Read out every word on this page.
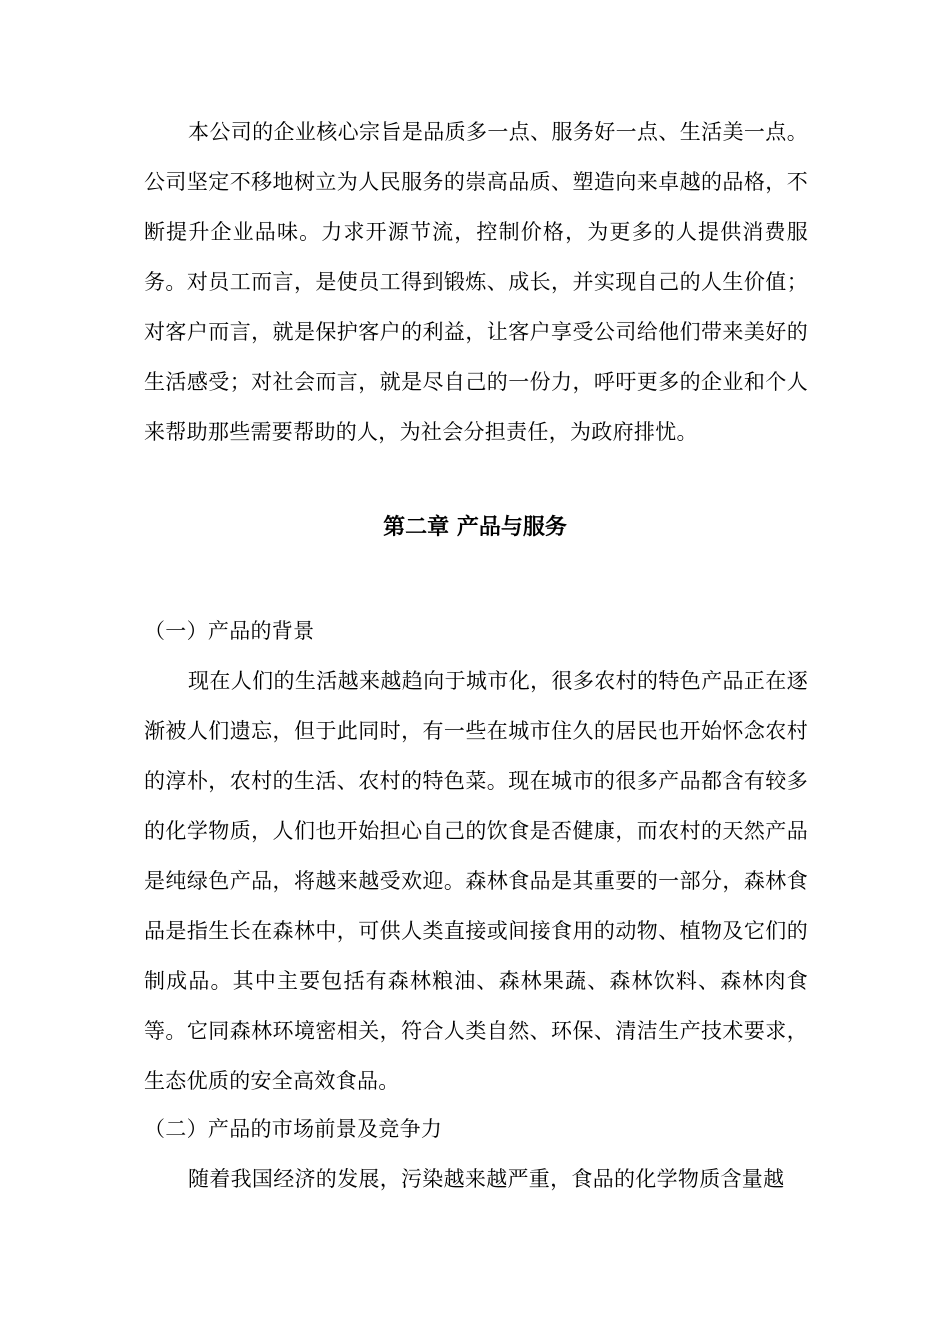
本公司的企业核心宗旨是品质多一点、服务好一点、生活美一点。公司坚定不移地树立为人民服务的崇高品质、塑造向来卓越的品格，不断提升企业品味。力求开源节流，控制价格，为更多的人提供消费服务。对员工而言，是使员工得到锻炼、成长，并实现自己的人生价值；对客户而言，就是保护客户的利益，让客户享受公司给他们带来美好的生活感受；对社会而言，就是尽自己的一份力，呼吁更多的企业和个人来帮助那些需要帮助的人，为社会分担责任，为政府排忧。

第二章 产品与服务

（一）产品的背景

现在人们的生活越来越趋向于城市化，很多农村的特色产品正在逐渐被人们遗忘，但于此同时，有一些在城市住久的居民也开始怀念农村的淳朴，农村的生活、农村的特色菜。现在城市的很多产品都含有较多的化学物质，人们也开始担心自己的饮食是否健康，而农村的天然产品是纯绿色产品，将越来越受欢迎。森林食品是其重要的一部分，森林食品是指生长在森林中，可供人类直接或间接食用的动物、植物及它们的制成品。其中主要包括有森林粮油、森林果蔬、森林饮料、森林肉食等。它同森林环境密相关，符合人类自然、环保、清洁生产技术要求，生态优质的安全高效食品。

（二）产品的市场前景及竞争力

随着我国经济的发展，污染越来越严重，食品的化学物质含量越
